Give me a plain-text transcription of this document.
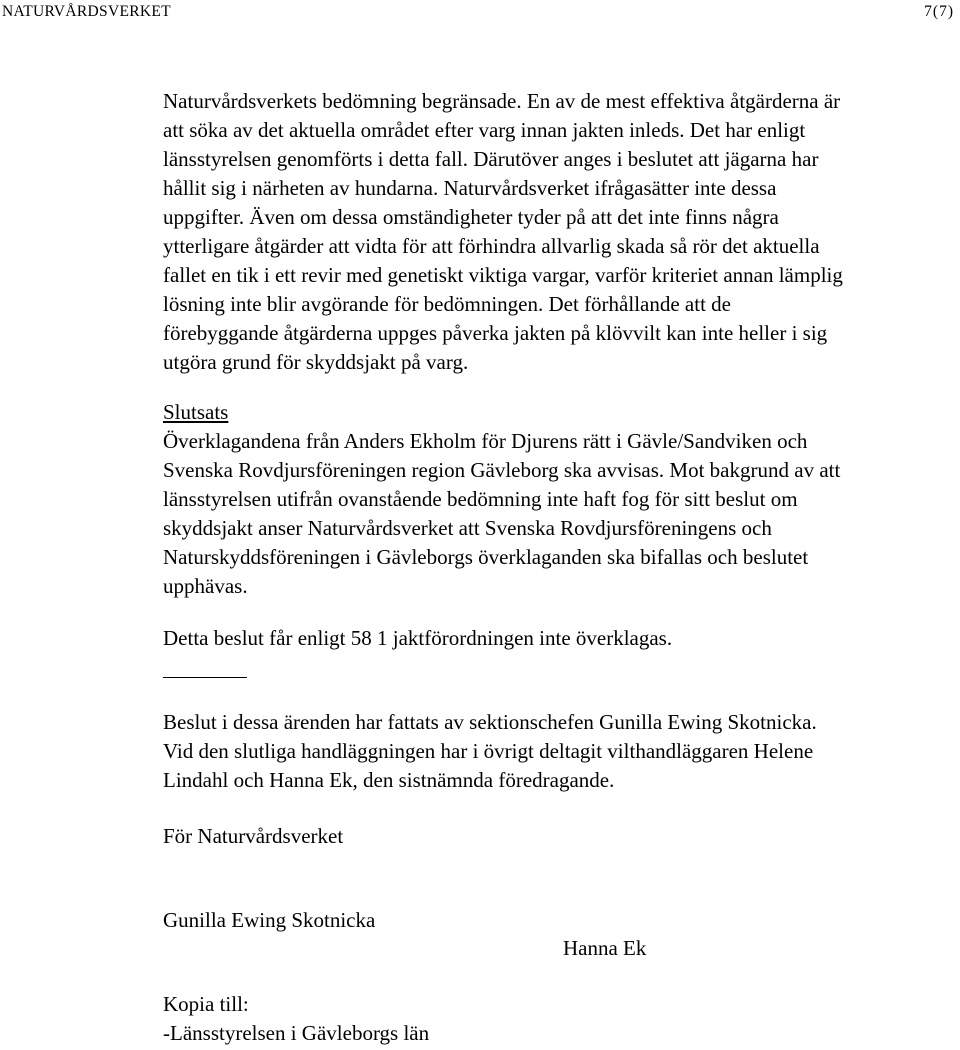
NATURVÅRDSVERKET	7(7)
Naturvårdsverkets bedömning begränsade. En av de mest effektiva åtgärderna är
att söka av det aktuella området efter varg innan jakten inleds. Det har enligt
länsstyrelsen genomförts i detta fall. Därutöver anges i beslutet att jägarna har
hållit sig i närheten av hundarna. Naturvårdsverket ifrågasätter inte dessa
uppgifter. Även om dessa omständigheter tyder på att det inte finns några
ytterligare åtgärder att vidta för att förhindra allvarlig skada så rör det aktuella
fallet en tik i ett revir med genetiskt viktiga vargar, varför kriteriet annan lämplig
lösning inte blir avgörande för bedömningen. Det förhållande att de
förebyggande åtgärderna uppges påverka jakten på klövvilt kan inte heller i sig
utgöra grund för skyddsjakt på varg.
Slutsats
Överklagandena från Anders Ekholm för Djurens rätt i Gävle/Sandviken och
Svenska Rovdjursföreningen region Gävleborg ska avvisas. Mot bakgrund av att
länsstyrelsen utifrån ovanstående bedömning inte haft fog för sitt beslut om
skyddsjakt anser Naturvårdsverket att Svenska Rovdjursföreningens och
Naturskyddsföreningen i Gävleborgs överklaganden ska bifallas och beslutet
upphävas.
Detta beslut får enligt 58 1 jaktförordningen inte överklagas.
Beslut i dessa ärenden har fattats av sektionschefen Gunilla Ewing Skotnicka.
Vid den slutliga handläggningen har i övrigt deltagit vilthandläggaren Helene
Lindahl och Hanna Ek, den sistnämnda föredragande.
För Naturvårdsverket
Gunilla Ewing Skotnicka
Hanna Ek
Kopia till:
-Länsstyrelsen i Gävleborgs län
